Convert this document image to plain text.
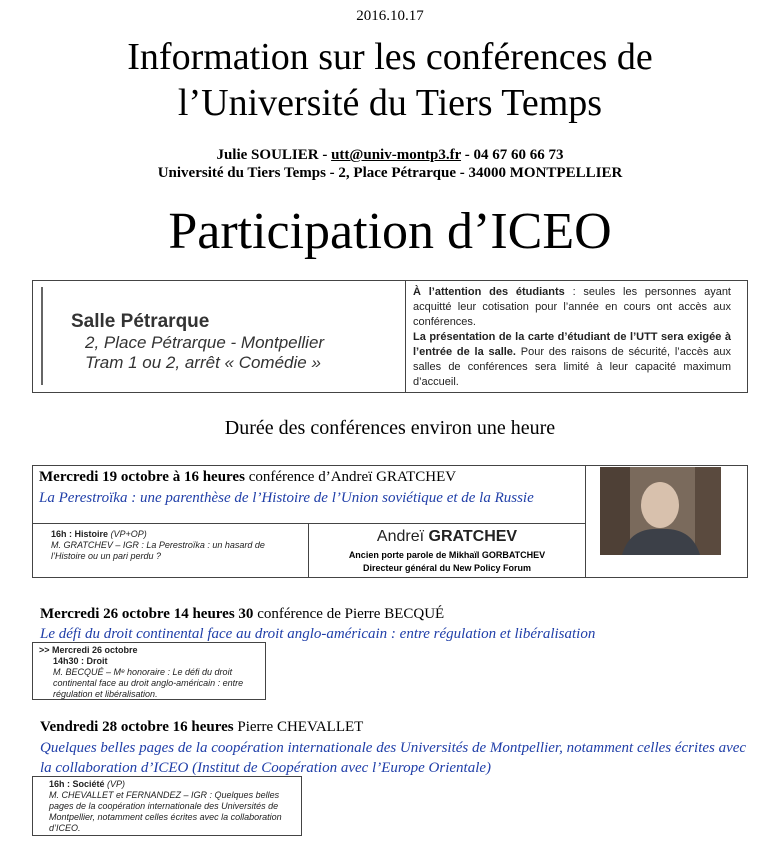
2016.10.17
Information sur les conférences de
l’Université du Tiers Temps
Julie SOULIER - utt@univ-montp3.fr - 04 67 60 66 73
Université du Tiers Temps - 2, Place Pétrarque - 34000 MONTPELLIER
Participation d’ICEO
Salle Pétrarque
2, Place Pétrarque - Montpellier
Tram 1 ou 2, arrêt « Comédie »
À l’attention des étudiants : seules les personnes ayant acquitté leur cotisation pour l’année en cours ont accès aux conférences.
La présentation de la carte d’étudiant de l’UTT sera exigée à l’entrée de la salle. Pour des raisons de sécurité, l’accès aux salles de conférences sera limité à leur capacité maximum d’accueil.
Durée des conférences environ une heure
Mercredi 19 octobre à 16 heures conférence d’Andreï GRATCHEV
La Perestroïka : une parenthèse de l’Histoire de l’Union soviétique et de la Russie
16h : Histoire (VP+OP)
M. GRATCHEV – IGR : La Perestroïka : un hasard de l’Histoire ou un pari perdu ?
Andreï GRATCHEV
Ancien porte parole de Mikhaïl GORBATCHEV
Directeur général du New Policy Forum
Mercredi 26 octobre 14 heures 30 conférence de Pierre BECQUÉ
Le défi du droit continental face au droit anglo-américain : entre régulation et libéralisation
>> Mercredi 26 octobre
14h30 : Droit

M. BECQUÉ – Mᵉ honoraire : Le défi du droit continental face au droit anglo-américain : entre régulation et libéralisation.
Vendredi 28 octobre 16 heures Pierre CHEVALLET
Quelques belles pages de la coopération internationale des Universités de Montpellier, notamment celles écrites avec la collaboration d’ICEO (Institut de Coopération avec l’Europe Orientale)
16h : Société (VP)
M. CHEVALLET et FERNANDEZ – IGR : Quelques belles pages de la coopération internationale des Universités de Montpellier, notamment celles écrites avec la collaboration d’ICEO.
